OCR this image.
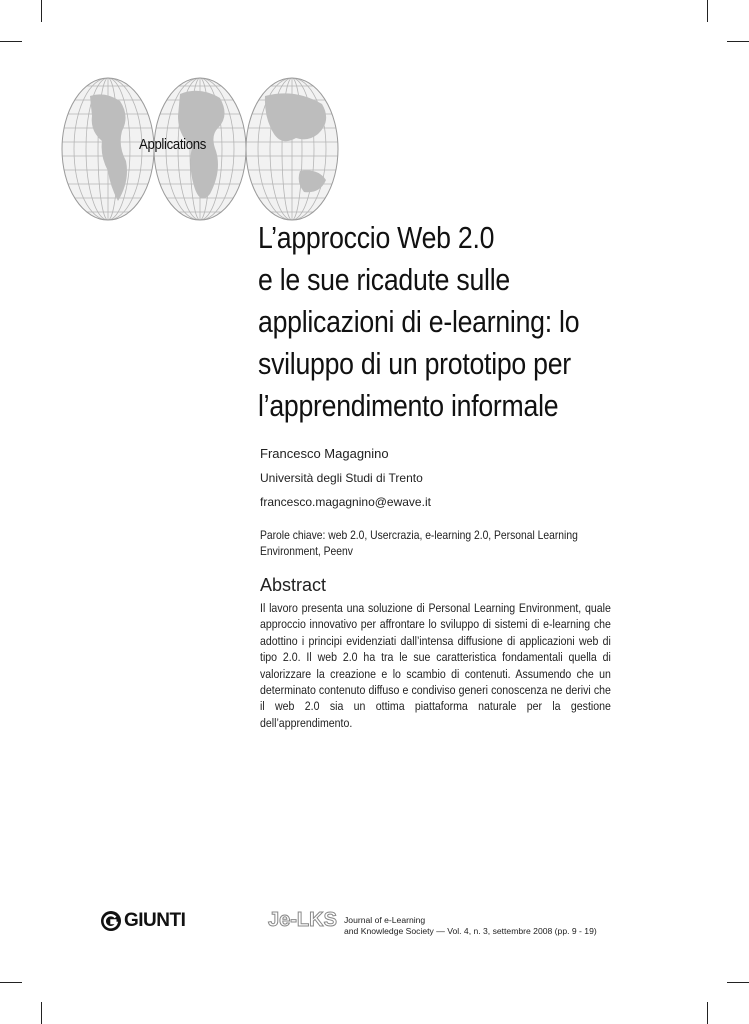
Applications
L’approccio Web 2.0
e le sue ricadute sulle
applicazioni di e-learning: lo
sviluppo di un prototipo per
l’apprendimento informale
Francesco Magagnino
Università degli Studi di Trento
francesco.magagnino@ewave.it
Parole chiave: web 2.0, Usercrazia, e-learning 2.0, Personal Learning Environment, Peenv
Abstract
Il lavoro presenta una soluzione di Personal Learning Environment, quale approccio innovativo per affrontare lo sviluppo di sistemi di e-learning che adottino i principi evidenziati dall’intensa diffusione di applicazioni web di tipo 2.0. Il web 2.0 ha tra le sue caratteristica fondamentali quella di valorizzare la creazione e lo scambio di contenuti. Assumendo che un determinato contenuto diffuso e condiviso generi conoscenza ne derivi che il web 2.0 sia un ottima piattaforma naturale per la gestione dell’apprendimento.
GIUNTI	Je-LKS Journal of e-Learning
and Knowledge Society — Vol. 4, n. 3, settembre 2008 (pp. 9 - 19)
